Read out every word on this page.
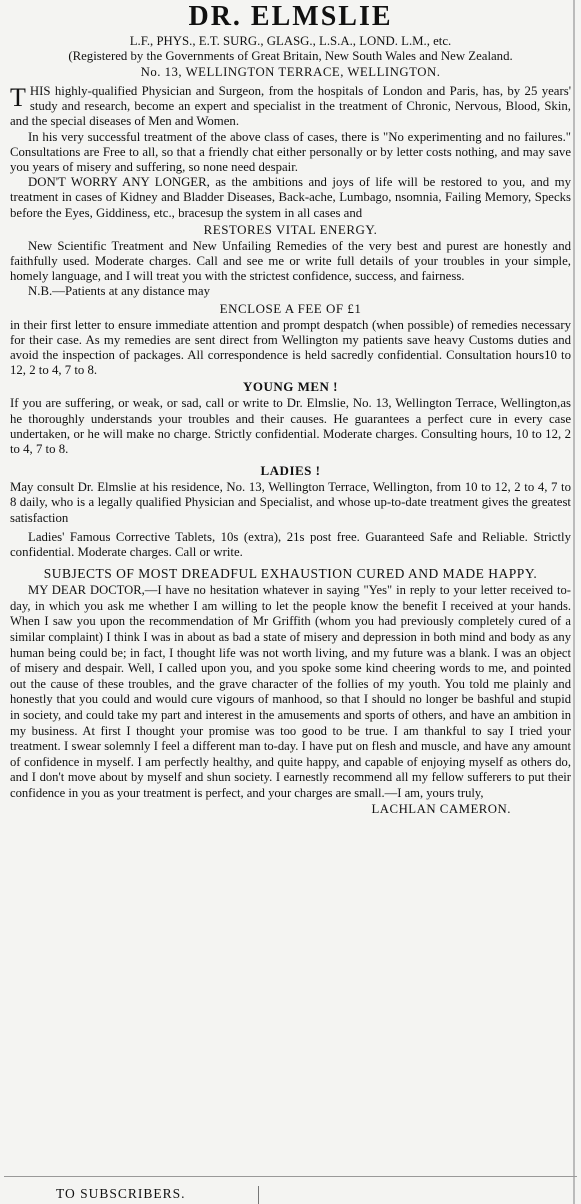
DR. ELMSLIE

L.F., PHYS., E.T. SURG., GLASG., L.S.A., LOND. L.M., etc.

(Registered by the Governments of Great Britain, New South Wales and New Zealand.

No. 13, WELLINGTON TERRACE, WELLINGTON.

THIS highly-qualified Physician and Surgeon, from the hospitals of London and Paris, has, by 25 years' study and research, become an expert and specialist in the treatment of Chronic, Nervous, Blood, Skin, and the special diseases of Men and Women.

In his very successful treatment of the above class of cases, there is "No experimenting and no failures." Consultations are Free to all, so that a friendly chat either personally or by letter costs nothing, and may save you years of misery and suffering, so none need despair.

DON'T WORRY ANY LONGER, as the ambitions and joys of life will be restored to you, and my treatment in cases of Kidney and Bladder Diseases, Back-ache, Lumbago, nsomnia, Failing Memory, Specks before the Eyes, Giddiness, etc., bracesup the system in all cases and

RESTORES VITAL ENERGY.

New Scientific Treatment and New Unfailing Remedies of the very best and purest are honestly and faithfully used. Moderate charges. Call and see me or write full details of your troubles in your simple, homely language, and I will treat you with the strictest confidence, success, and fairness.

N.B.—Patients at any distance may

ENCLOSE A FEE OF £1

in their first letter to ensure immediate attention and prompt despatch (when possible) of remedies necessary for their case. As my remedies are sent direct from Wellington my patients save heavy Customs duties and avoid the inspection of packages. All correspondence is held sacredly confidential. Consultation hours10 to 12, 2 to 4, 7 to 8.

YOUNG MEN !

If you are suffering, or weak, or sad, call or write to Dr. Elmslie, No. 13, Wellington Terrace, Wellington,as he thoroughly understands your troubles and their causes. He guarantees a perfect cure in every case undertaken, or he will make no charge. Strictly confidential. Moderate charges. Consulting hours, 10 to 12, 2 to 4, 7 to 8.

LADIES !

May consult Dr. Elmslie at his residence, No. 13, Wellington Terrace, Wellington, from 10 to 12, 2 to 4, 7 to 8 daily, who is a legally qualified Physician and Specialist, and whose up-to-date treatment gives the greatest satisfaction

Ladies' Famous Corrective Tablets, 10s (extra), 21s post free. Guaranteed Safe and Reliable. Strictly confidential. Moderate charges. Call or write.

SUBJECTS OF MOST DREADFUL EXHAUSTION CURED AND MADE HAPPY.

MY DEAR DOCTOR,—I have no hesitation whatever in saying "Yes" in reply to your letter received to-day, in which you ask me whether I am willing to let the people know the benefit I received at your hands. When I saw you upon the recommendation of Mr Griffith (whom you had previously completely cured of a similar complaint) I think I was in about as bad a state of misery and depression in both mind and body as any human being could be; in fact, I thought life was not worth living, and my future was a blank. I was an object of misery and despair. Well, I called upon you, and you spoke some kind cheering words to me, and pointed out the cause of these troubles, and the grave character of the follies of my youth. You told me plainly and honestly that you could and would cure vigours of manhood, so that I should no longer be bashful and stupid in society, and could take my part and interest in the amusements and sports of others, and have an ambition in my business. At first I thought your promise was too good to be true. I am thankful to say I tried your treatment. I swear solemnly I feel a different man to-day. I have put on flesh and muscle, and have any amount of confidence in myself. I am perfectly healthy, and quite happy, and capable of enjoying myself as others do, and I don't move about by myself and shun society. I earnestly recommend all my fellow sufferers to put their confidence in you as your treatment is perfect, and your charges are small.—I am, yours truly,

LACHLAN CAMERON.

TO SUBSCRIBERS.
